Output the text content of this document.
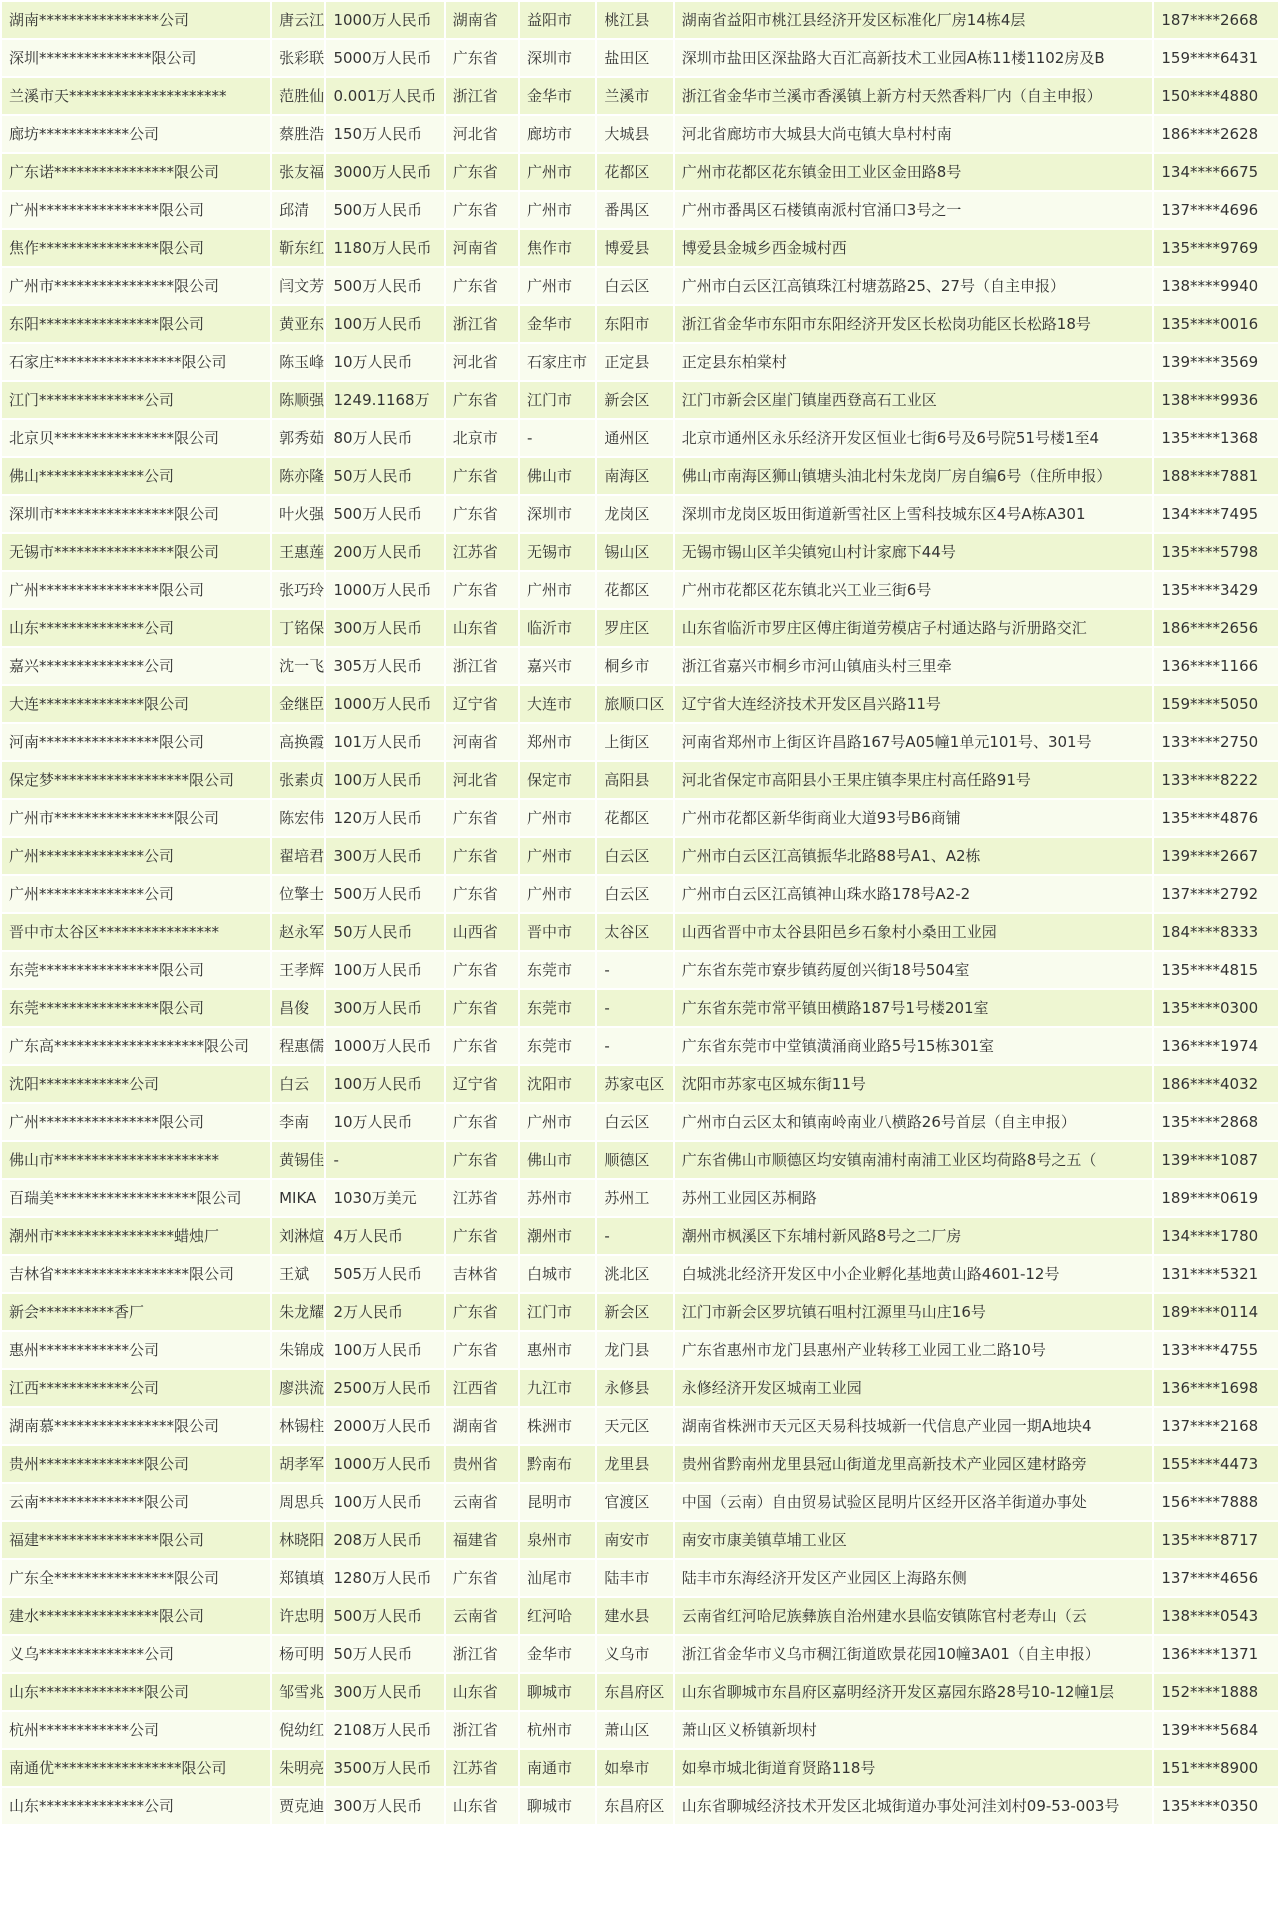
湖南****************公司	唐云江	1000万人民币	湖南省	益阳市	桃江县	湖南省益阳市桃江县经济开发区标准化厂房14栋4层	187****2668
深圳***************限公司	张彩联	5000万人民币	广东省	深圳市	盐田区	深圳市盐田区深盐路大百汇高新技术工业园A栋11楼1102房及B	159****6431
兰溪市天*********************	范胜仙	0.001万人民币	浙江省	金华市	兰溪市	浙江省金华市兰溪市香溪镇上新方村天然香料厂内（自主申报）	150****4880
廊坊************公司	蔡胜浩	150万人民币	河北省	廊坊市	大城县	河北省廊坊市大城县大尚屯镇大阜村村南	186****2628
广东诺****************限公司	张友福	3000万人民币	广东省	广州市	花都区	广州市花都区花东镇金田工业区金田路8号	134****6675
广州****************限公司	邱清	500万人民币	广东省	广州市	番禺区	广州市番禺区石楼镇南派村官涌口3号之一	137****4696
焦作****************限公司	靳东红	1180万人民币	河南省	焦作市	博爱县	博爱县金城乡西金城村西	135****9769
广州市****************限公司	闫文芳	500万人民币	广东省	广州市	白云区	广州市白云区江高镇珠江村塘荔路25、27号（自主申报）	138****9940
东阳****************限公司	黄亚东	100万人民币	浙江省	金华市	东阳市	浙江省金华市东阳市东阳经济开发区长松岗功能区长松路18号	135****0016
石家庄*****************限公司	陈玉峰	10万人民币	河北省	石家庄市	正定县	正定县东柏棠村	139****3569
江门**************公司	陈顺强	1249.1168万	广东省	江门市	新会区	江门市新会区崖门镇崖西登高石工业区	138****9936
北京贝****************限公司	郭秀茹	80万人民币	北京市	-	通州区	北京市通州区永乐经济开发区恒业七街6号及6号院51号楼1至4	135****1368
佛山**************公司	陈亦隆	50万人民币	广东省	佛山市	南海区	佛山市南海区狮山镇塘头油北村朱龙岗厂房自编6号（住所申报）	188****7881
深圳市****************限公司	叶火强	500万人民币	广东省	深圳市	龙岗区	深圳市龙岗区坂田街道新雪社区上雪科技城东区4号A栋A301	134****7495
无锡市****************限公司	王惠莲	200万人民币	江苏省	无锡市	锡山区	无锡市锡山区羊尖镇宛山村计家廊下44号	135****5798
广州****************限公司	张巧玲	1000万人民币	广东省	广州市	花都区	广州市花都区花东镇北兴工业三街6号	135****3429
山东**************公司	丁铭保	300万人民币	山东省	临沂市	罗庄区	山东省临沂市罗庄区傅庄街道劳模店子村通达路与沂册路交汇	186****2656
嘉兴**************公司	沈一飞	305万人民币	浙江省	嘉兴市	桐乡市	浙江省嘉兴市桐乡市河山镇庙头村三里牵	136****1166
大连**************限公司	金继臣	1000万人民币	辽宁省	大连市	旅顺口区	辽宁省大连经济技术开发区昌兴路11号	159****5050
河南****************限公司	高换霞	101万人民币	河南省	郑州市	上街区	河南省郑州市上街区许昌路167号A05幢1单元101号、301号	133****2750
保定梦******************限公司	张素贞	100万人民币	河北省	保定市	高阳县	河北省保定市高阳县小王果庄镇李果庄村高任路91号	133****8222
广州市****************限公司	陈宏伟	120万人民币	广东省	广州市	花都区	广州市花都区新华街商业大道93号B6商铺	135****4876
广州**************公司	翟培君	300万人民币	广东省	广州市	白云区	广州市白云区江高镇振华北路88号A1、A2栋	139****2667
广州**************公司	位擎士	500万人民币	广东省	广州市	白云区	广州市白云区江高镇神山珠水路178号A2-2	137****2792
晋中市太谷区****************	赵永军	50万人民币	山西省	晋中市	太谷区	山西省晋中市太谷县阳邑乡石象村小桑田工业园	184****8333
东莞****************限公司	王孝辉	100万人民币	广东省	东莞市	-	广东省东莞市寮步镇药厦创兴街18号504室	135****4815
东莞****************限公司	昌俊	300万人民币	广东省	东莞市	-	广东省东莞市常平镇田横路187号1号楼201室	135****0300
广东高********************限公司	程惠儒	1000万人民币	广东省	东莞市	-	广东省东莞市中堂镇潢涌商业路5号15栋301室	136****1974
沈阳************公司	白云	100万人民币	辽宁省	沈阳市	苏家屯区	沈阳市苏家屯区城东街11号	186****4032
广州****************限公司	李南	10万人民币	广东省	广州市	白云区	广州市白云区太和镇南岭南业八横路26号首层（自主申报）	135****2868
佛山市**********************	黄锡佳	-	广东省	佛山市	顺德区	广东省佛山市顺德区均安镇南浦村南浦工业区均荷路8号之五（	139****1087
百瑞美*******************限公司	MIKA	1030万美元	江苏省	苏州市	苏州工	苏州工业园区苏桐路	189****0619
潮州市****************蜡烛厂	刘淋煊	4万人民币	广东省	潮州市	-	潮州市枫溪区下东埔村新风路8号之二厂房	134****1780
吉林省******************限公司	王斌	505万人民币	吉林省	白城市	洮北区	白城洮北经济开发区中小企业孵化基地黄山路4601-12号	131****5321
新会**********香厂	朱龙耀	2万人民币	广东省	江门市	新会区	江门市新会区罗坑镇石咀村江源里马山庄16号	189****0114
惠州************公司	朱锦成	100万人民币	广东省	惠州市	龙门县	广东省惠州市龙门县惠州产业转移工业园工业二路10号	133****4755
江西************公司	廖洪流	2500万人民币	江西省	九江市	永修县	永修经济开发区城南工业园	136****1698
湖南慕****************限公司	林锡柱	2000万人民币	湖南省	株洲市	天元区	湖南省株洲市天元区天易科技城新一代信息产业园一期A地块4	137****2168
贵州**************限公司	胡孝军	1000万人民币	贵州省	黔南布	龙里县	贵州省黔南州龙里县冠山街道龙里高新技术产业园区建材路旁	155****4473
云南**************限公司	周思兵	100万人民币	云南省	昆明市	官渡区	中国（云南）自由贸易试验区昆明片区经开区洛羊街道办事处	156****7888
福建****************限公司	林晓阳	208万人民币	福建省	泉州市	南安市	南安市康美镇草埔工业区	135****8717
广东全****************限公司	郑镇填	1280万人民币	广东省	汕尾市	陆丰市	陆丰市东海经济开发区产业园区上海路东侧	137****4656
建水****************限公司	许忠明	500万人民币	云南省	红河哈	建水县	云南省红河哈尼族彝族自治州建水县临安镇陈官村老寿山（云	138****0543
义乌**************公司	杨可明	50万人民币	浙江省	金华市	义乌市	浙江省金华市义乌市稠江街道欧景花园10幢3A01（自主申报）	136****1371
山东**************限公司	邹雪兆	300万人民币	山东省	聊城市	东昌府区	山东省聊城市东昌府区嘉明经济开发区嘉园东路28号10-12幢1层	152****1888
杭州************公司	倪幼红	2108万人民币	浙江省	杭州市	萧山区	萧山区义桥镇新坝村	139****5684
南通优*****************限公司	朱明亮	3500万人民币	江苏省	南通市	如皋市	如皋市城北街道育贤路118号	151****8900
山东**************公司	贾克迪	300万人民币	山东省	聊城市	东昌府区	山东省聊城经济技术开发区北城街道办事处河洼刘村09-53-003号	135****0350
